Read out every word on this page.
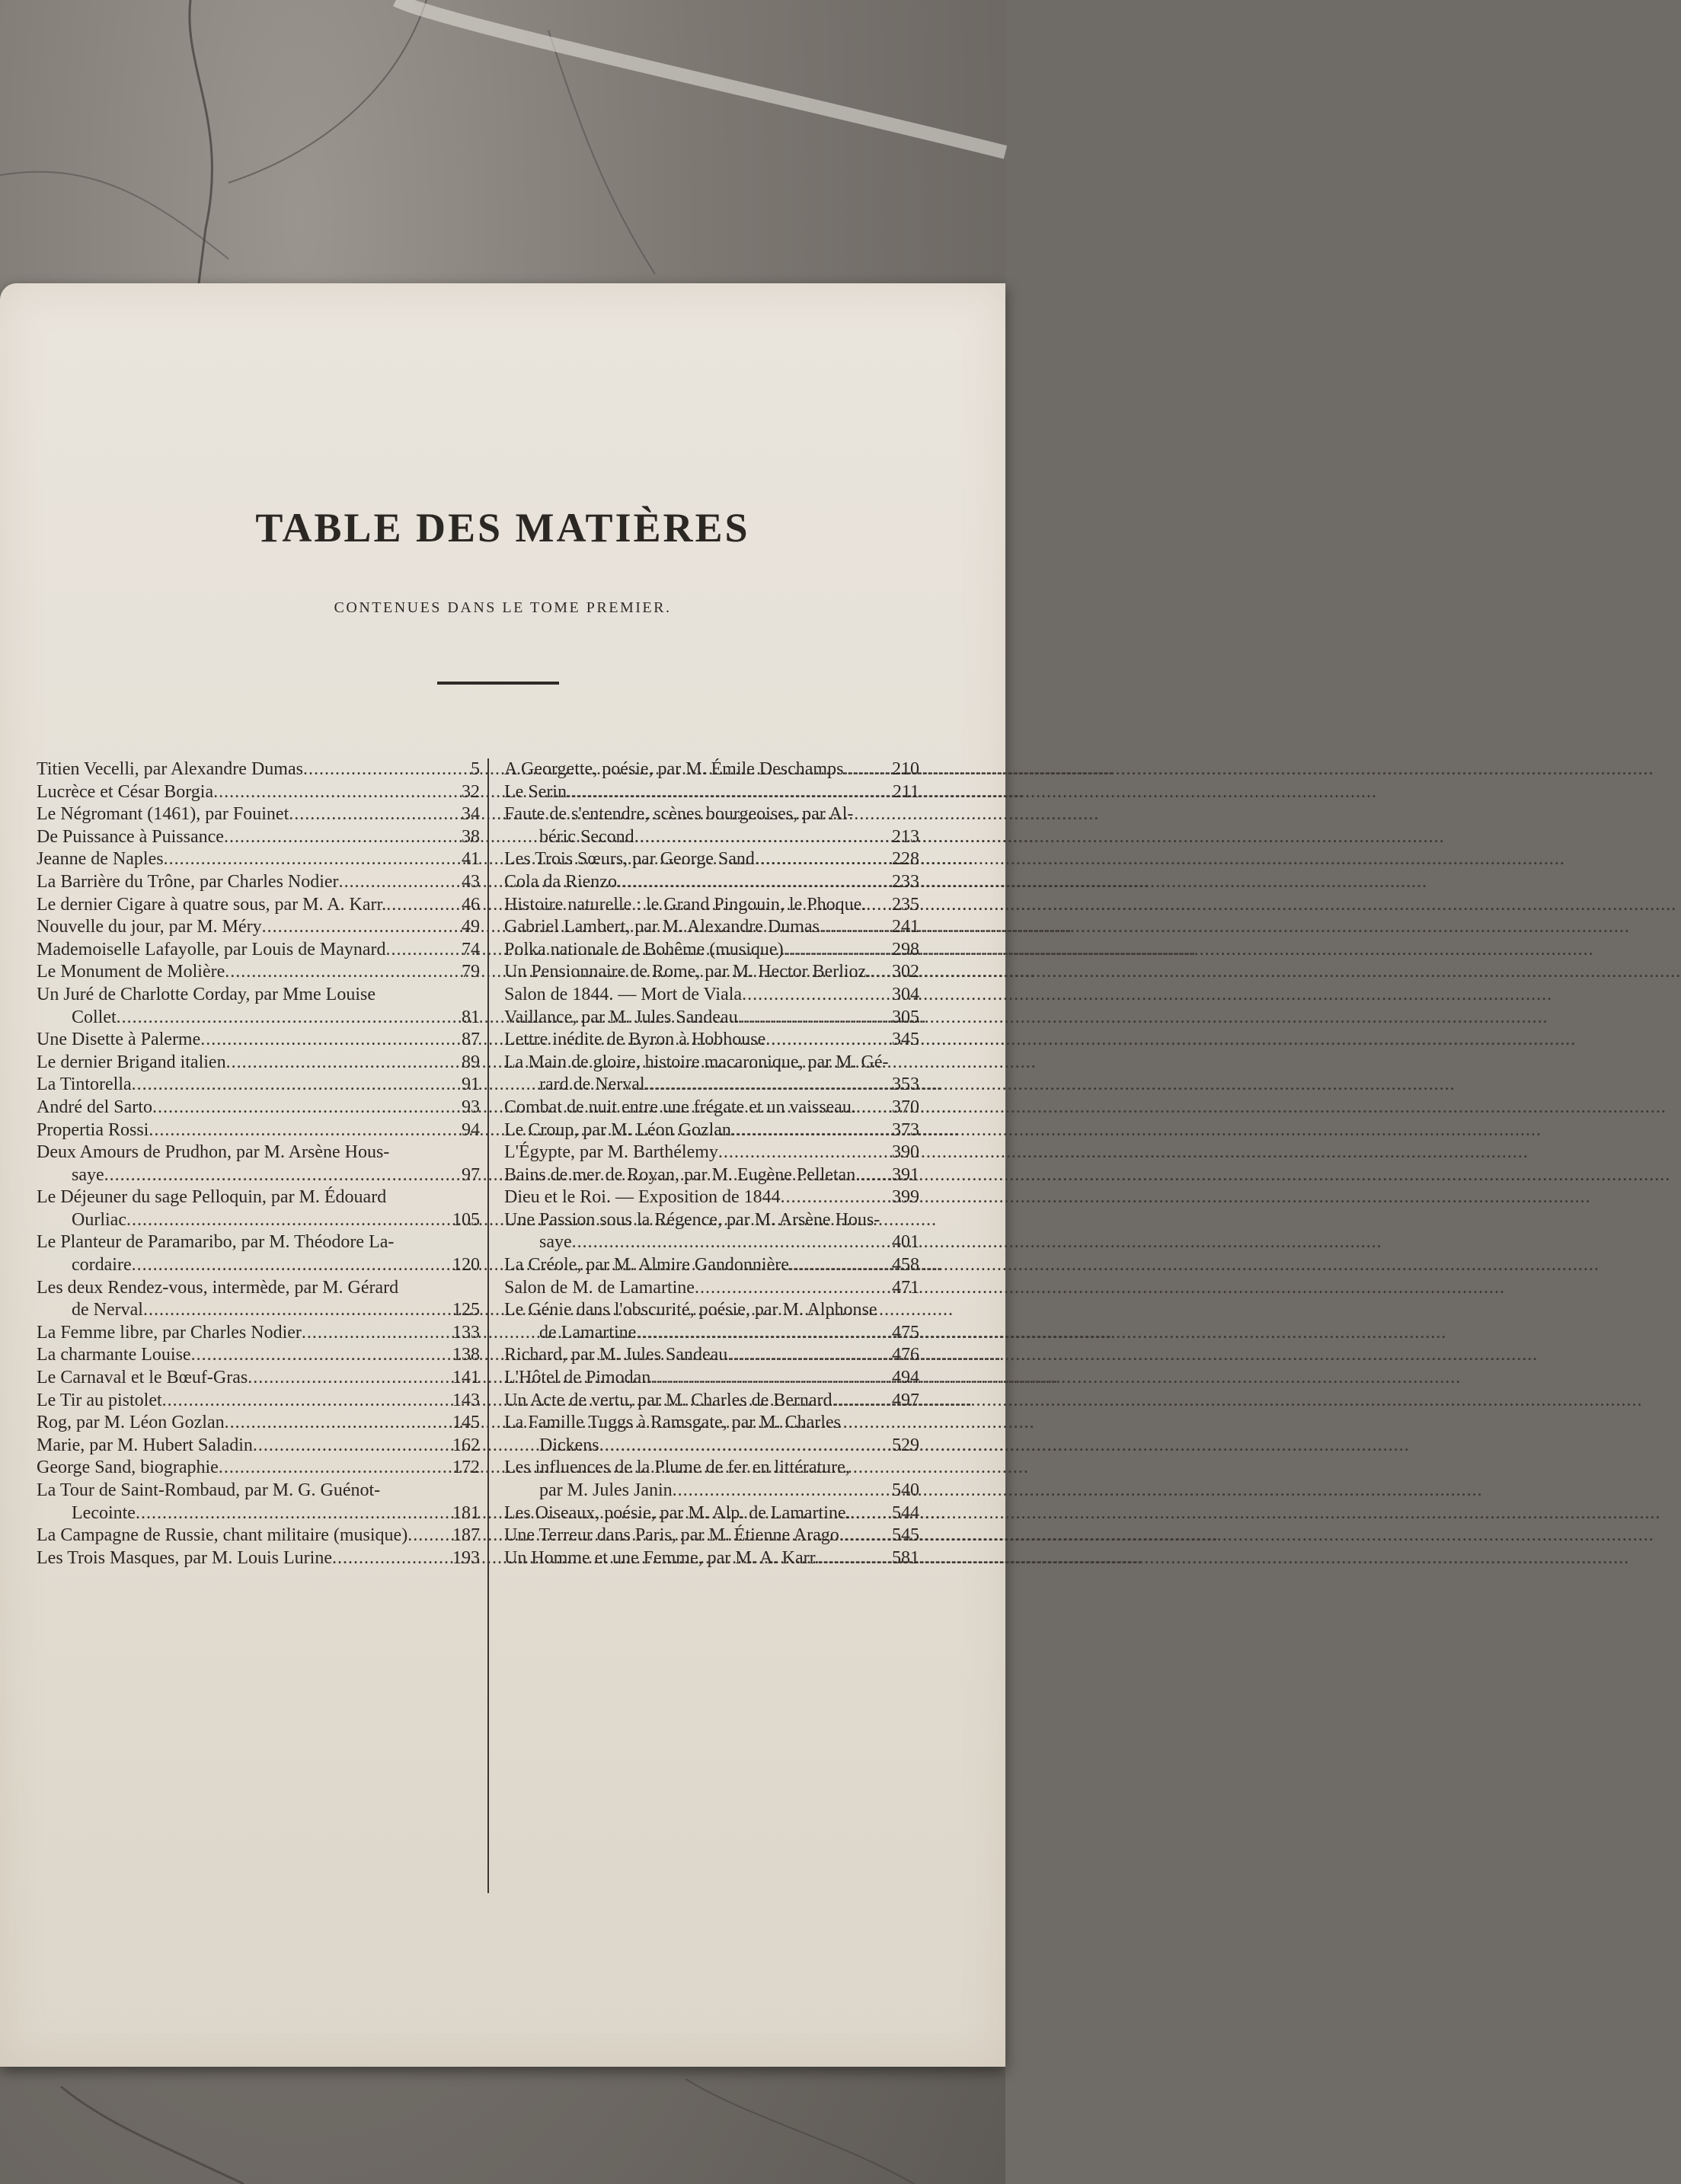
TABLE DES MATIÈRES
CONTENUES DANS LE TOME PREMIER.
Titien Vecelli, par Alexandre Dumas .....	5
Lucrèce et César Borgia .....	32
Le Négromant (1461), par Fouinet .....	34
De Puissance à Puissance .....	38
Jeanne de Naples .....	41
La Barrière du Trône, par Charles Nodier .....	43
Le dernier Cigare à quatre sous, par M. A. Karr. .....	46
Nouvelle du jour, par M. Méry .....	49
Mademoiselle Lafayolle, par Louis de Maynard .....	74
Le Monument de Molière .....	79
Un Juré de Charlotte Corday, par Mme Louise
Collet .....	81
Une Disette à Palerme .....	87
Le dernier Brigand italien .....	89
La Tintorella .....	91
André del Sarto .....	93
Propertia Rossi .....	94
Deux Amours de Prudhon, par M. Arsène Hous-
saye .....	97
Le Déjeuner du sage Pelloquin, par M. Édouard
Ourliac .....	105
Le Planteur de Paramaribo, par M. Théodore La-
cordaire .....	120
Les deux Rendez-vous, intermède, par M. Gérard
de Nerval .....	125
La Femme libre, par Charles Nodier .....	133
La charmante Louise .....	138
Le Carnaval et le Bœuf-Gras .....	141
Le Tir au pistolet .....	143
Rog, par M. Léon Gozlan .....	145
Marie, par M. Hubert Saladin .....	162
George Sand, biographie .....	172
La Tour de Saint-Rombaud, par M. G. Guénot-
Lecointe .....	181
La Campagne de Russie, chant militaire (musique) .....	187
Les Trois Masques, par M. Louis Lurine .....	193
A Georgette, poésie, par M. Émile Deschamps .....	210
Le Serin .....	211
Faute de s'entendre, scènes bourgeoises, par Al-
béric Second .....	213
Les Trois Sœurs, par George Sand .....	228
Cola da Rienzo .....	233
Histoire naturelle : le Grand Pingouin, le Phoque. .....	235
Gabriel Lambert, par M. Alexandre Dumas .....	241
Polka nationale de Bohême (musique) .....	298
Un Pensionnaire de Rome, par M. Hector Berlioz. .....	302
Salon de 1844. — Mort de Viala .....	304
Vaillance, par M. Jules Sandeau .....	305
Lettre inédite de Byron à Hobhouse .....	345
La Main de gloire, histoire macaronique, par M. Gé-
rard de Nerval .....	353
Combat de nuit entre une frégate et un vaisseau. .....	370
Le Croup, par M. Léon Gozlan .....	373
L'Égypte, par M. Barthélemy .....	390
Bains de mer de Royan, par M. Eugène Pelletan. .....	391
Dieu et le Roi. — Exposition de 1844 .....	399
Une Passion sous la Régence, par M. Arsène Hous-
saye .....	401
La Créole, par M. Almire Gandonnière .....	458
Salon de M. de Lamartine .....	471
Le Génie dans l'obscurité, poésie, par M. Alphonse
de Lamartine .....	475
Richard, par M. Jules Sandeau .....	476
L'Hôtel de Pimodan .....	494
Un Acte de vertu, par M. Charles de Bernard .....	497
La Famille Tuggs à Ramsgate, par M. Charles
Dickens .....	529
Les influences de la Plume de fer en littérature,
par M. Jules Janin .....	540
Les Oiseaux, poésie, par M. Alp. de Lamartine. .....	544
Une Terreur dans Paris, par M. Étienne Arago. .....	545
Un Homme et une Femme, par M. A. Karr. .....	581
